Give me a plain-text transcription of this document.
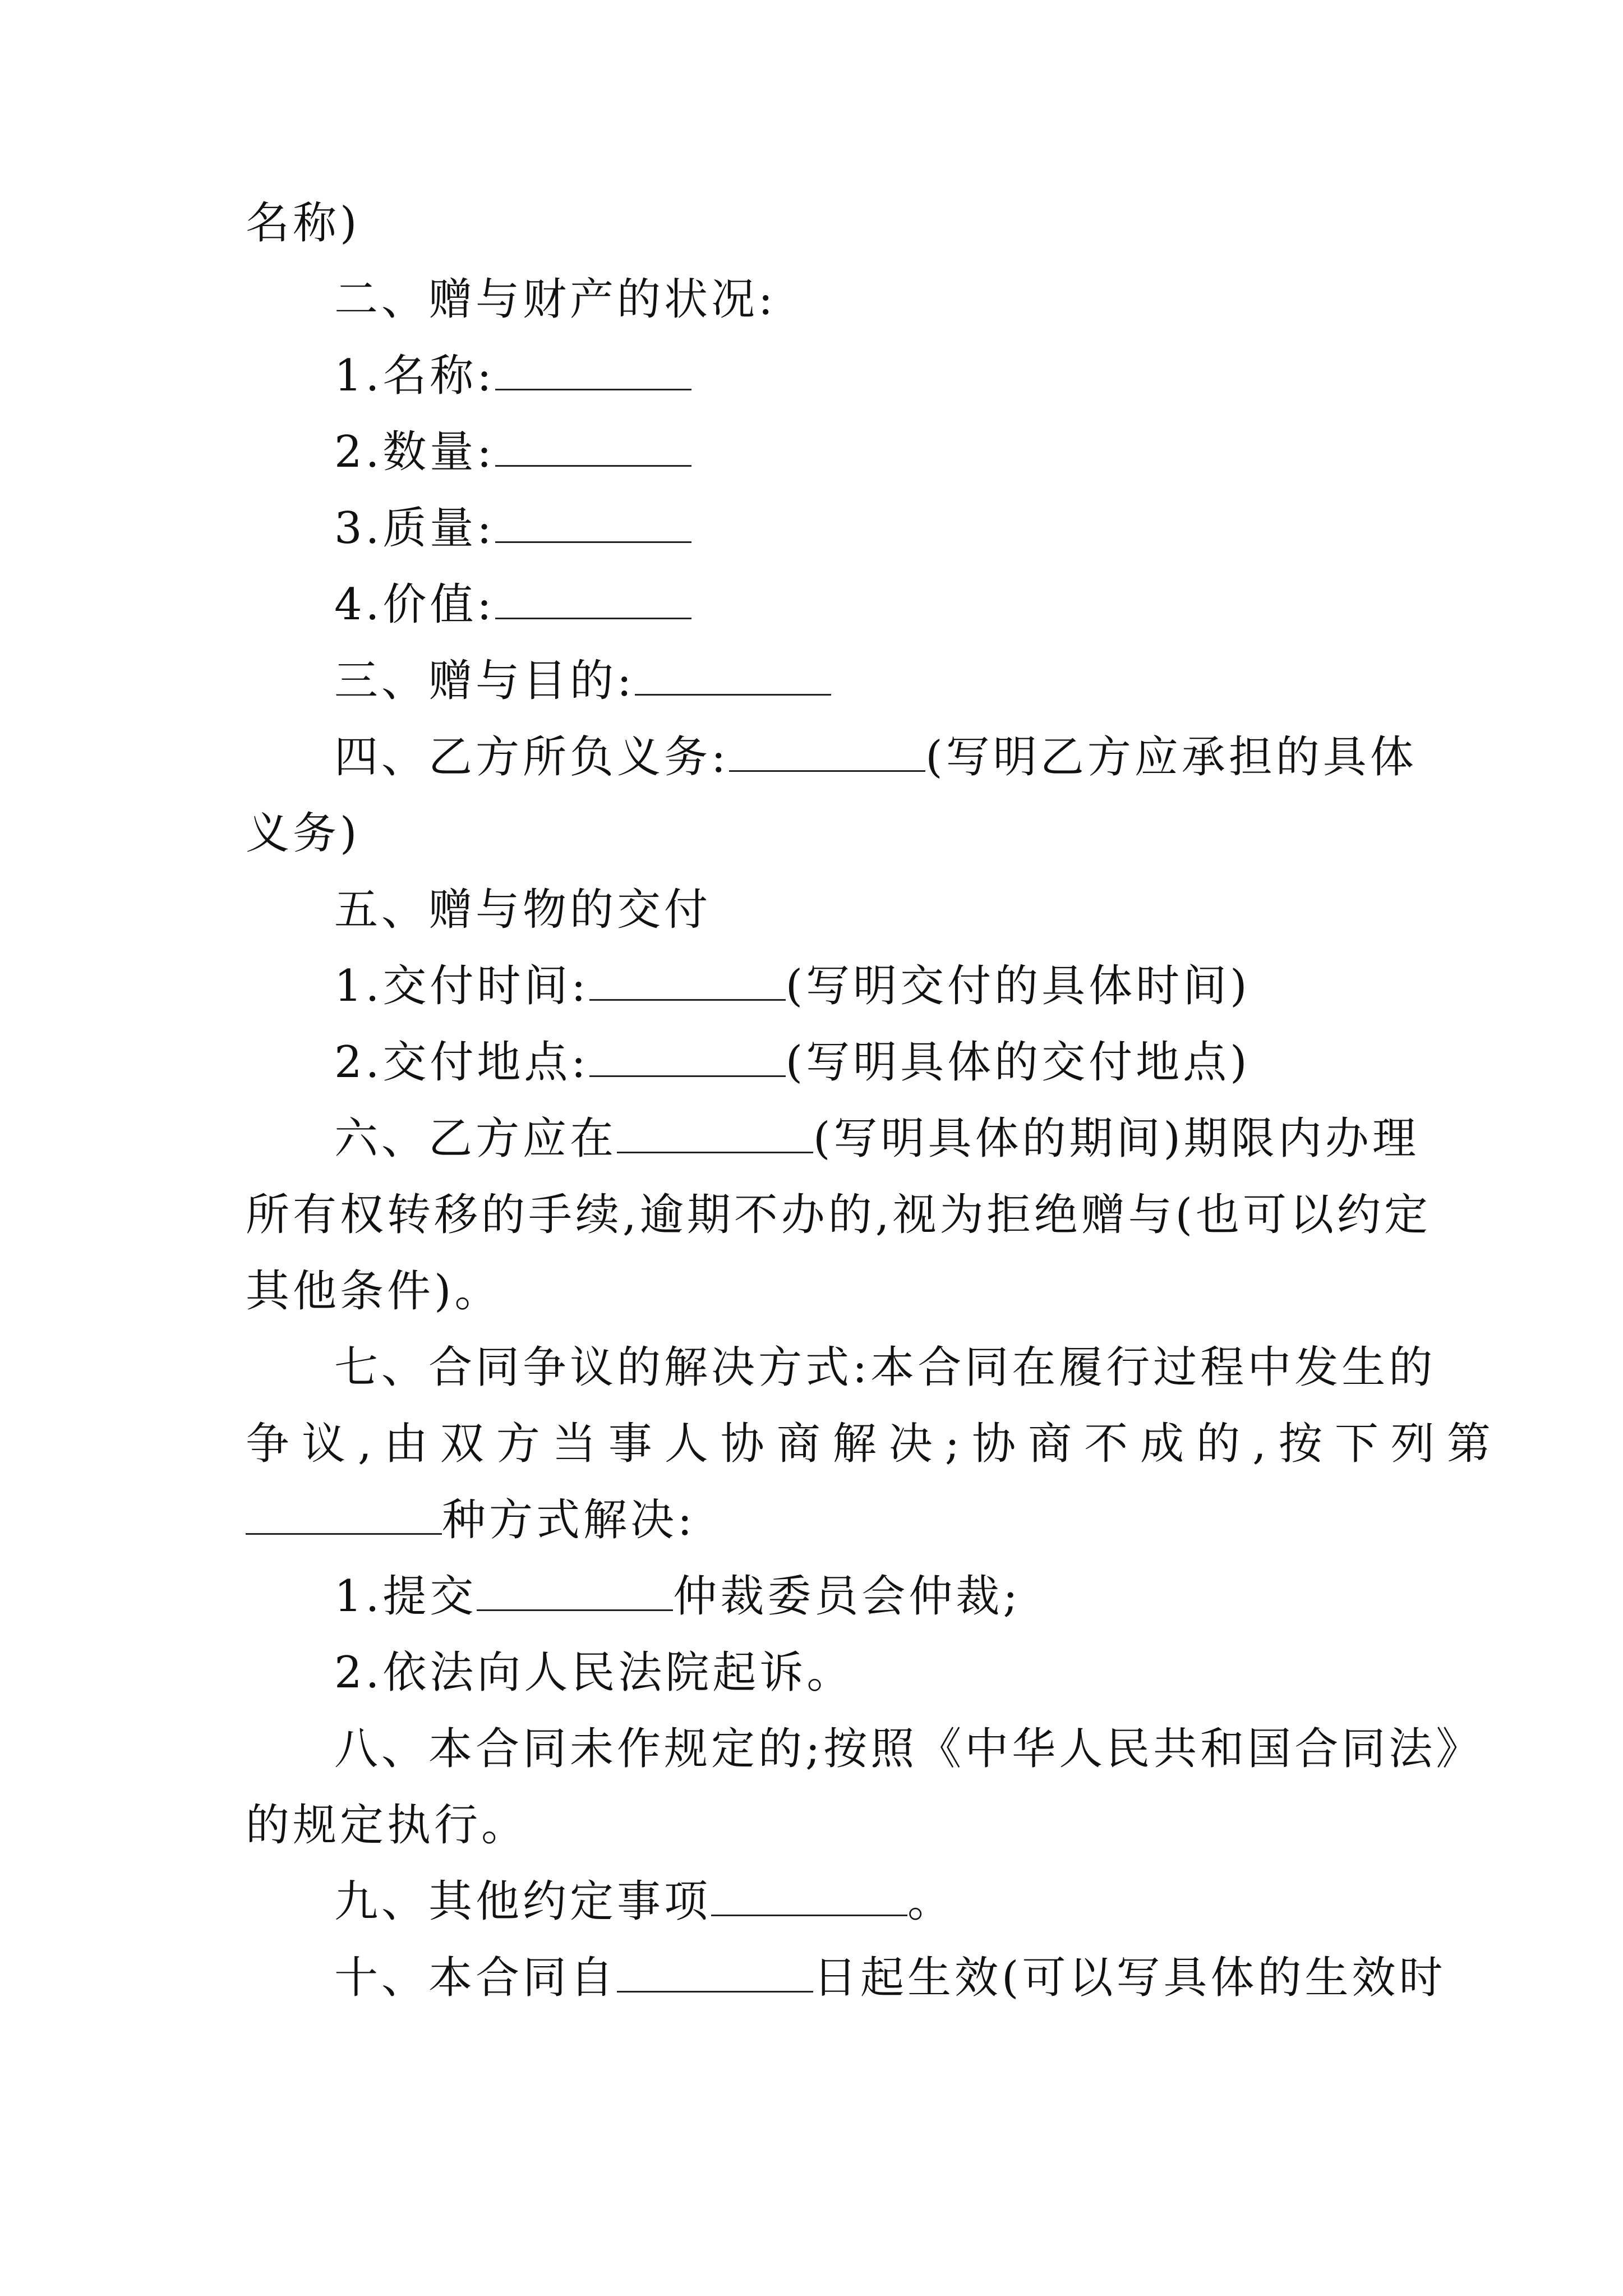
名称)
二、赠与财产的状况:
1.名称:
2.数量:
3.质量:
4.价值:
三、赠与目的:
四、乙方所负义务:	(写明乙方应承担的具体
义务)
五、赠与物的交付
1.交付时间:	(写明交付的具体时间)
2.交付地点:	(写明具体的交付地点)
六、乙方应在	(写明具体的期间)期限内办理
所有权转移的手续,逾期不办的,视为拒绝赠与(也可以约定
其他条件)。
七、合同争议的解决方式:本合同在履行过程中发生的
争议,由双方当事人协商解决;协商不成的,按下列第
种方式解决:
1.提交	仲裁委员会仲裁;
2.依法向人民法院起诉。
八、本合同未作规定的;按照《中华人民共和国合同法》
的规定执行。
九、其他约定事项	。
十、本合同自	日起生效(可以写具体的生效时
